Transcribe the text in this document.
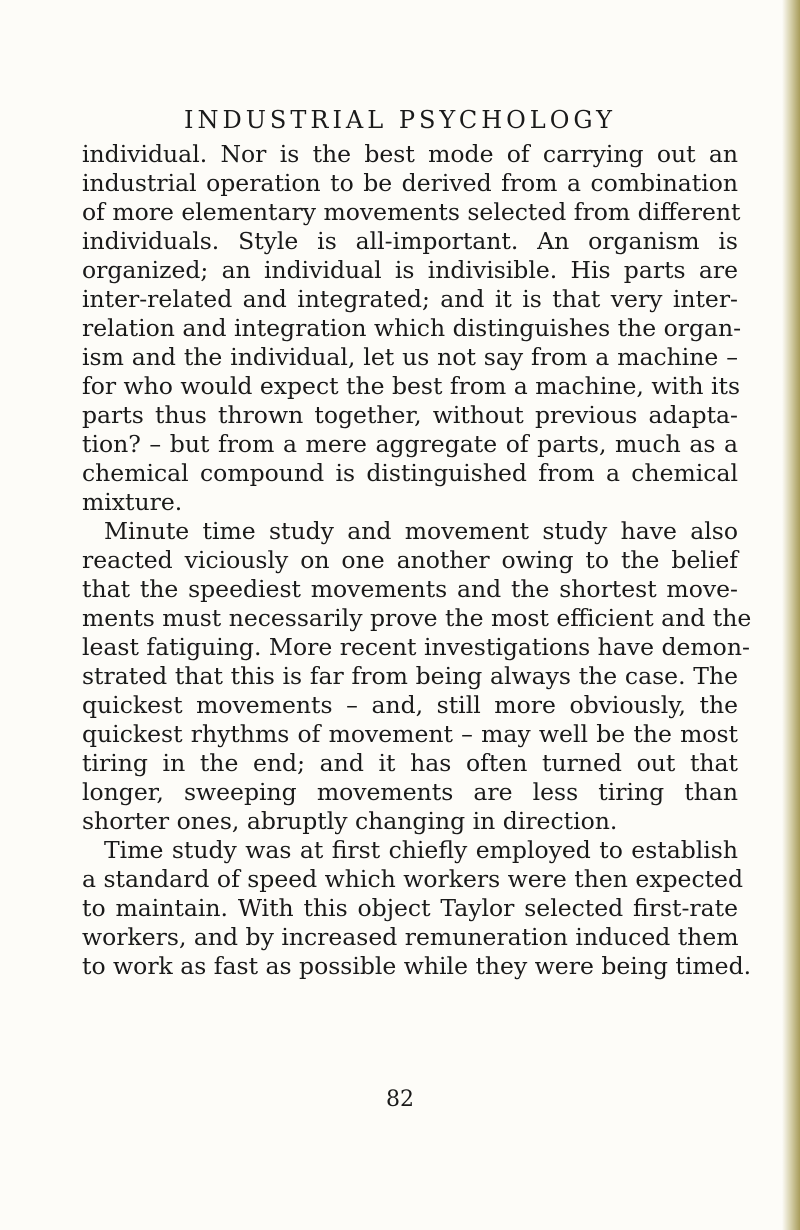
INDUSTRIAL PSYCHOLOGY
individual. Nor is the best mode of carrying out an
industrial operation to be derived from a combination
of more elementary movements selected from different
individuals. Style is all-important. An organism is
organized; an individual is indivisible. His parts are
inter-related and integrated; and it is that very inter-
relation and integration which distinguishes the organ-
ism and the individual, let us not say from a machine –
for who would expect the best from a machine, with its
parts thus thrown together, without previous adapta-
tion? – but from a mere aggregate of parts, much as a
chemical compound is distinguished from a chemical
mixture.
Minute time study and movement study have also
reacted viciously on one another owing to the belief
that the speediest movements and the shortest move-
ments must necessarily prove the most efficient and the
least fatiguing. More recent investigations have demon-
strated that this is far from being always the case. The
quickest movements – and, still more obviously, the
quickest rhythms of movement – may well be the most
tiring in the end; and it has often turned out that
longer, sweeping movements are less tiring than
shorter ones, abruptly changing in direction.
Time study was at first chiefly employed to establish
a standard of speed which workers were then expected
to maintain. With this object Taylor selected first-rate
workers, and by increased remuneration induced them
to work as fast as possible while they were being timed.
82
